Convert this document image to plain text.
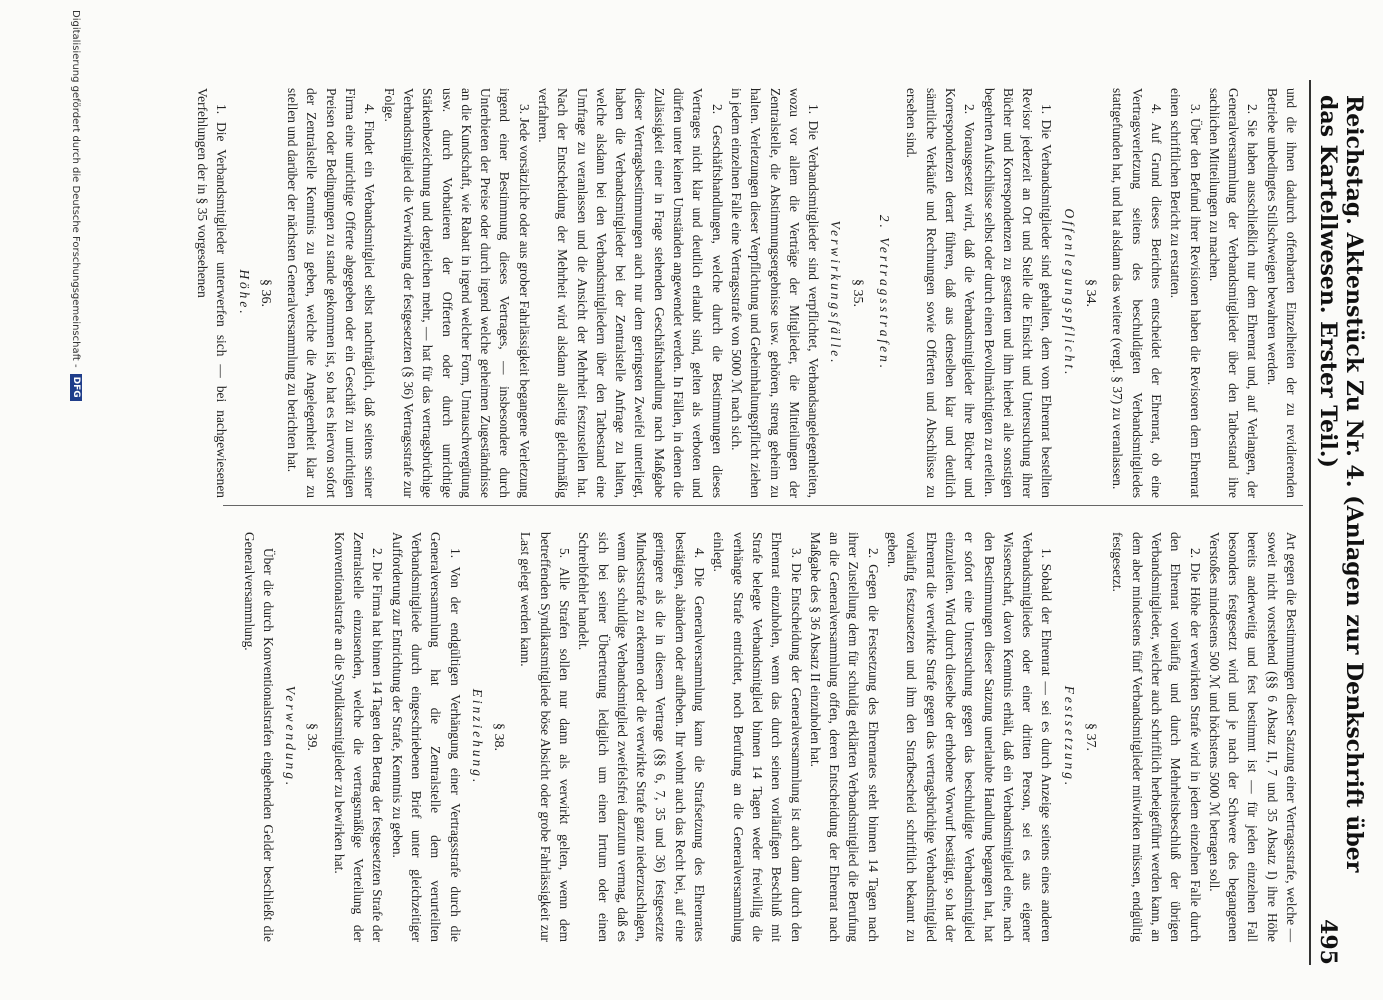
Reichstag. Aktenstück Zu Nr. 4. (Anlagen zur Denkschrift über das Kartellwesen. Erster Teil.)
495

und die ihnen dadurch offenbarten Einzelheiten der zu revidierenden Betriebe unbedingtes Stillschweigen bewahren werden.

2. Sie haben ausschließlich nur dem Ehrenrat und, auf Verlangen, der Generalversammlung der Verbandsmitglieder über den Tatbestand ihre sachlichen Mitteilungen zu machen.

3. Über den Befund ihrer Revisionen haben die Revisoren dem Ehrenrat einen schriftlichen Bericht zu erstatten.

4. Auf Grund dieses Berichtes entscheidet der Ehrenrat, ob eine Vertragsverletzung seitens des beschuldigten Verbandsmitgliedes stattgefunden hat, und hat alsdann das weitere (vergl. § 37) zu veranlassen.

§ 34.
Offenlegungspflicht.

1. Die Verbandsmitglieder sind gehalten, dem vom Ehrenrat bestellten Revisor jederzeit an Ort und Stelle die Einsicht und Untersuchung ihrer Bücher und Korrespondenzen zu gestatten und ihm hierbei alle sonstigen begehrten Aufschlüsse selbst oder durch einen Bevollmächtigten zu erteilen.

2. Vorausgesetzt wird, daß die Verbandsmitglieder ihre Bücher und Korrespondenzen derart führen, daß aus denselben klar und deutlich sämtliche Verkäufe und Rechnungen sowie Offerten und Abschlüsse zu ersehen sind.

2. Vertragsstrafen.
§ 35.
Verwirkungsfälle.

1. Die Verbandsmitglieder sind verpflichtet, Verbandsangelegenheiten, wozu vor allem die Verträge der Mitglieder, die Mitteilungen der Zentralstelle, die Abstimmungsergebnisse usw. gehören, streng geheim zu halten. Verletzungen dieser Verpflichtung und Geheimhaltungspflicht ziehen in jedem einzelnen Falle eine Vertragsstrafe von 5000 ℳ nach sich.

2. Geschäftshandlungen, welche durch die Bestimmungen dieses Vertrages nicht klar und deutlich erlaubt sind, gelten als verboten und dürfen unter keinen Umständen angewendet werden. In Fällen, in denen die Zulässigkeit einer in Frage stehenden Geschäftshandlung nach Maßgabe dieser Vertragsbestimmungen auch nur dem geringsten Zweifel unterliegt, haben die Verbandsmitglieder bei der Zentralstelle Anfrage zu halten, welche alsdann bei den Verbandsmitgliedern über den Tatbestand eine Umfrage zu veranlassen und die Ansicht der Mehrheit festzustellen hat. Nach der Entscheidung der Mehrheit wird alsdann allseitig gleichmäßig verfahren.

3. Jede vorsätzliche oder aus grober Fahrlässigkeit begangene Verletzung irgend einer Bestimmung dieses Vertrages, — insbesondere durch Unterbieten der Preise oder durch irgend welche geheimen Zugeständnisse an die Kundschaft, wie Rabatt in irgend welcher Form, Umtauschvergütung usw. durch Vorbatieren der Offerten oder durch unrichtige Stärkenbezeichnung und dergleichen mehr, — hat für das vertragsbrüchige Verbandsmitglied die Verwirkung der festgesetzten (§ 36) Vertragsstrafe zur Folge.

4. Findet ein Verbandsmitglied selbst nachträglich, daß seitens seiner Firma eine unrichtige Offerte abgegeben oder ein Geschäft zu unrichtigen Preisen oder Bedingungen zu stande gekommen ist, so hat es hiervon sofort der Zentralstelle Kenntnis zu geben, welche die Angelegenheit klar zu stellen und darüber der nächsten Generalversammlung zu berichten hat.

§ 36.
Höhe.

1. Die Verbandsmitglieder unterwerfen sich — bei nachgewiesenen Verfehlungen der in § 35 vorgesehenen

Art gegen die Bestimmungen dieser Satzung einer Vertragsstrafe, welche — soweit nicht vorstehend (§§ 6 Absatz II, 7 und 35 Absatz I) ihre Höhe bereits anderweitig und fest bestimmt ist — für jeden einzelnen Fall besonders festgesetzt wird und je nach der Schwere des begangenen Verstoßes mindestens 500 ℳ und höchstens 5000 ℳ betragen soll.

2. Die Höhe der verwirkten Strafe wird in jedem einzelnen Falle durch den Ehrenrat vorläufig und durch Mehrheitsbeschluß der übrigen Verbandsmitglieder, welcher auch schriftlich herbeigeführt werden kann, an dem aber mindestens fünf Verbandsmitglieder mitwirken müssen, endgültig festgesetzt.

§ 37.
Festsetzung.

1. Sobald der Ehrenrat — sei es durch Anzeige seitens eines anderen Verbandsmitgliedes oder einer dritten Person, sei es aus eigener Wissenschaft, davon Kenntnis erhält, daß ein Verbandsmitglied eine, nach den Bestimmungen dieser Satzung unerlaubte Handlung begangen hat, hat er sofort eine Untersuchung gegen das beschuldigte Verbandsmitglied einzuleiten. Wird durch dieselbe der erhobene Vorwurf bestätigt, so hat der Ehrenrat die verwirkte Strafe gegen das vertragsbrüchige Verbandsmitglied vorläufig festzusetzen und ihm den Strafbescheid schriftlich bekannt zu geben.

2. Gegen die Festsetzung des Ehrenrates steht binnen 14 Tagen nach ihrer Zustellung dem für schuldig erklärten Verbandsmitglied die Berufung an die Generalversammlung offen, deren Entscheidung der Ehrenrat nach Maßgabe des § 36 Absatz II einzuholen hat.

3. Die Entscheidung der Generalversammlung ist auch dann durch den Ehrenrat einzuholen, wenn das durch seinen vorläufigen Beschluß mit Strafe belegte Verbandsmitglied binnen 14 Tagen weder freiwillig die verhängte Strafe entrichtet, noch Berufung an die Generalversammlung einlegt.

4. Die Generalversammlung kann die Strafsetzung des Ehrenrates bestätigen, abändern oder aufheben. Ihr wohnt auch das Recht bei, auf eine geringere als die in diesem Vertrage (§§ 6, 7, 35 und 36) festgesetzte Mindeststrafe zu erkennen oder die verwirkte Strafe ganz niederzuschlagen, wenn das schuldige Verbandsmitglied zweifelsfrei darzutun vermag, daß es sich bei seiner Übertretung lediglich um einen Irrtum oder einen Schreibfehler handelt.

5. Alle Strafen sollen nur dann als verwirkt gelten, wenn dem betreffenden Syndikatsmitgliede böse Absicht oder grobe Fahrlässigkeit zur Last gelegt werden kann.

§ 38.
Einziehung.

1. Von der endgültigen Verhängung einer Vertragsstrafe durch die Generalversammlung hat die Zentralstelle dem verurteilten Verbandsmitgliede durch eingeschriebenen Brief unter gleichzeitiger Aufforderung zur Entrichtung der Strafe, Kenntnis zu geben.

2. Die Firma hat binnen 14 Tagen den Betrag der festgesetzten Strafe der Zentralstelle einzusenden, welche die vertragsmäßige Verteilung der Konventionalstrafe an die Syndikatsmitglieder zu bewirken hat.

§ 39.
Verwendung.

Über die durch Konventionalstrafen eingehenden Gelder beschließt die Generalversammlung.

Digitalisierung gefördert durch die Deutsche Forschungsgemeinschaft -
DFG
